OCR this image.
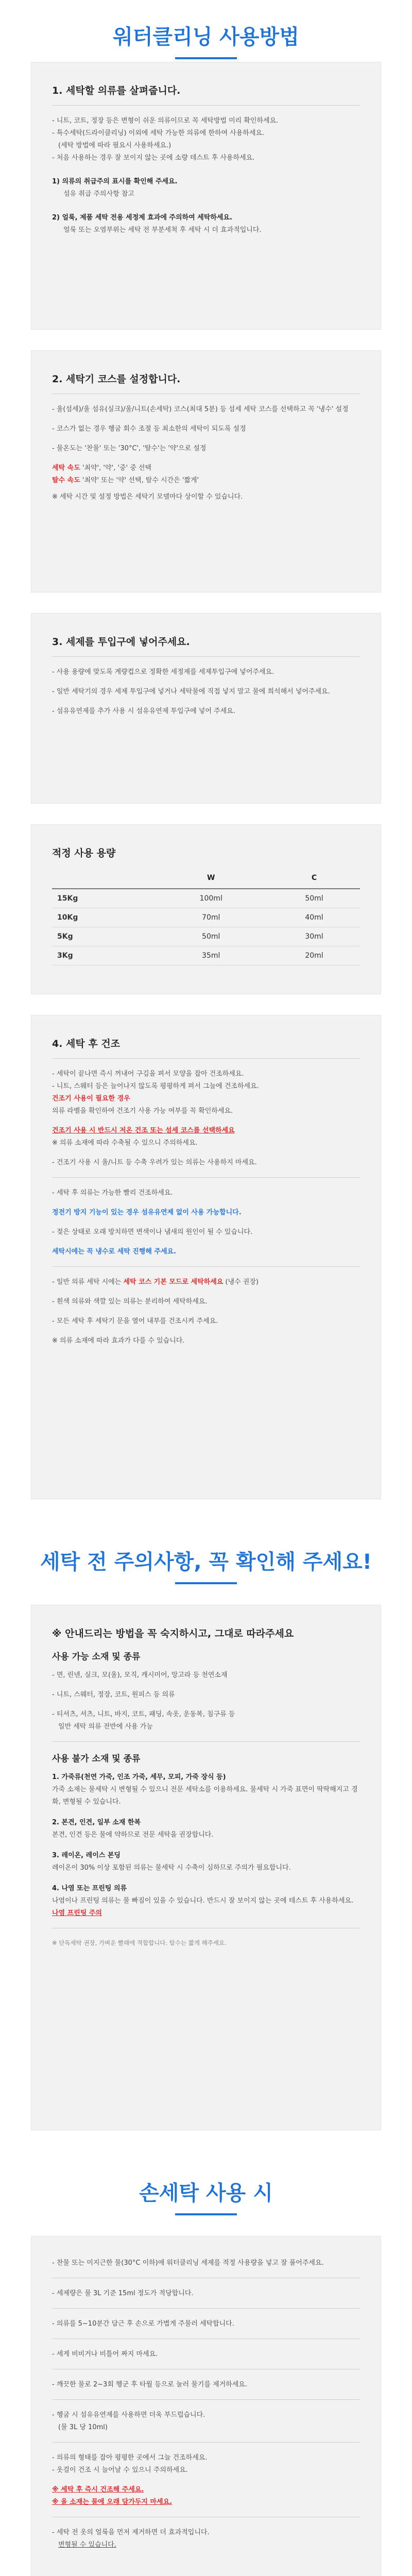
워터클리닝 사용방법
1. 세탁할 의류를 살펴줍니다.
- 니트, 코트, 정장 등은 변형이 쉬운 의류이므로 꼭 세탁방법 미리 확인하세요.
- 특수세탁(드라이클리닝) 이외에 세탁 가능한 의류에 한하여 사용하세요.
(세탁 방법에 따라 필요시 사용하세요.)
- 처음 사용하는 경우 잘 보이지 않는 곳에 소량 테스트 후 사용하세요.
1) 의류의 취급주의 표시를 확인해 주세요.
섬유 취급 주의사항 참고
2) 얼룩, 제품 세탁 전용 세정제 효과에 주의하여 세탁하세요.
얼룩 또는 오염부위는 세탁 전 부분세척 후 세탁 시 더 효과적입니다.
2. 세탁기 코스를 설정합니다.
- 울(섬세)/울 섬유(실크)/울/니트(손세탁) 코스(최대 5분) 등 섬세 세탁 코스를 선택하고 꼭 '냉수' 설정
- 코스가 없는 경우 헹굼 회수 조절 등 최소한의 세탁이 되도록 설정
- 물온도는 '찬물' 또는 '30°C', '탈수'는 '약'으로 설정
세탁 속도 '최약', '약', '중' 중 선택
탈수 속도 '최약' 또는 '약' 선택, 탈수 시간은 '짧게'
※ 세탁 시간 및 설정 방법은 세탁기 모델마다 상이할 수 있습니다.
3. 세제를 투입구에 넣어주세요.
- 사용 용량에 맞도록 계량컵으로 정확한 세정제를 세제투입구에 넣어주세요.
- 일반 세탁기의 경우 세제 투입구에 넣거나 세탁물에 직접 넣지 말고 물에 희석해서 넣어주세요.
- 섬유유연제를 추가 사용 시 섬유유연제 투입구에 넣어 주세요.
적정 사용 용량
	W	C
15Kg	100ml	50ml
10Kg	70ml	40ml
5Kg	50ml	30ml
3Kg	35ml	20ml
4. 세탁 후 건조
- 세탁이 끝나면 즉시 꺼내어 구김을 펴서 모양을 잡아 건조하세요.
- 니트, 스웨터 등은 늘어나지 않도록 평평하게 펴서 그늘에 건조하세요.
건조기 사용이 필요한 경우
의류 라벨을 확인하여 건조기 사용 가능 여부를 꼭 확인하세요.
건조기 사용 시 반드시 저온 건조 또는 섬세 코스를 선택하세요
※ 의류 소재에 따라 수축될 수 있으니 주의하세요.
- 건조기 사용 시 울/니트 등 수축 우려가 있는 의류는 사용하지 마세요.
- 세탁 후 의류는 가능한 빨리 건조하세요.
정전기 방지 기능이 있는 경우 섬유유연제 없이 사용 가능합니다.
- 젖은 상태로 오래 방치하면 변색이나 냄새의 원인이 될 수 있습니다.
세탁시에는 꼭 냉수로 세탁 진행해 주세요.
- 일반 의류 세탁 시에는 세탁 코스 기본 모드로 세탁하세요 (냉수 권장)
- 흰색 의류와 색깔 있는 의류는 분리하여 세탁하세요.
- 모든 세탁 후 세탁기 문을 열어 내부를 건조시켜 주세요.
※ 의류 소재에 따라 효과가 다를 수 있습니다.
세탁 전 주의사항, 꼭 확인해 주세요!
※ 안내드리는 방법을 꼭 숙지하시고, 그대로 따라주세요
사용 가능 소재 및 종류
- 면, 린넨, 실크, 모(울), 모직, 캐시미어, 앙고라 등 천연소재
- 니트, 스웨터, 정장, 코트, 원피스 등 의류
- 티셔츠, 셔츠, 니트, 바지, 코트, 패딩, 속옷, 운동복, 침구류 등
일반 세탁 의류 전반에 사용 가능
사용 불가 소재 및 종류
1. 가죽류(천연 가죽, 인조 가죽, 세무, 모피, 가죽 장식 등)
가죽 소재는 물세탁 시 변형될 수 있으니 전문 세탁소를 이용하세요. 물세탁 시 가죽 표면이 딱딱해지고 경화, 변형될 수 있습니다.
2. 본견, 인견, 일부 소재 한복
본견, 인견 등은 물에 약하므로 전문 세탁을 권장합니다.
3. 레이온, 레이스 본딩
레이온이 30% 이상 포함된 의류는 물세탁 시 수축이 심하므로 주의가 필요합니다.
4. 나염 또는 프린팅 의류
나염이나 프린팅 의류는 물 빠짐이 있을 수 있습니다. 반드시 잘 보이지 않는 곳에 테스트 후 사용하세요.
나염 프린팅 주의
※ 단독세탁 권장, 가벼운 빨래에 적합합니다. 탈수는 짧게 해주세요.
손세탁 사용 시
- 찬물 또는 미지근한 물(30°C 이하)에 워터클리닝 세제를 적정 사용량을 넣고 잘 풀어주세요.
- 세제량은 물 3L 기준 15ml 정도가 적당합니다.
- 의류를 5~10분간 담근 후 손으로 가볍게 주물러 세탁합니다.
- 세게 비비거나 비틀어 짜지 마세요.
- 깨끗한 물로 2~3회 헹군 후 타월 등으로 눌러 물기를 제거하세요.
- 헹굼 시 섬유유연제를 사용하면 더욱 부드럽습니다.
(물 3L 당 10ml)
- 의류의 형태를 잡아 평평한 곳에서 그늘 건조하세요.
- 옷걸이 건조 시 늘어날 수 있으니 주의하세요.
※ 세탁 후 즉시 건조해 주세요.
※ 울 소재는 물에 오래 담가두지 마세요.
- 세탁 전 옷의 얼룩을 먼저 제거하면 더 효과적입니다.
변형될 수 있습니다.
